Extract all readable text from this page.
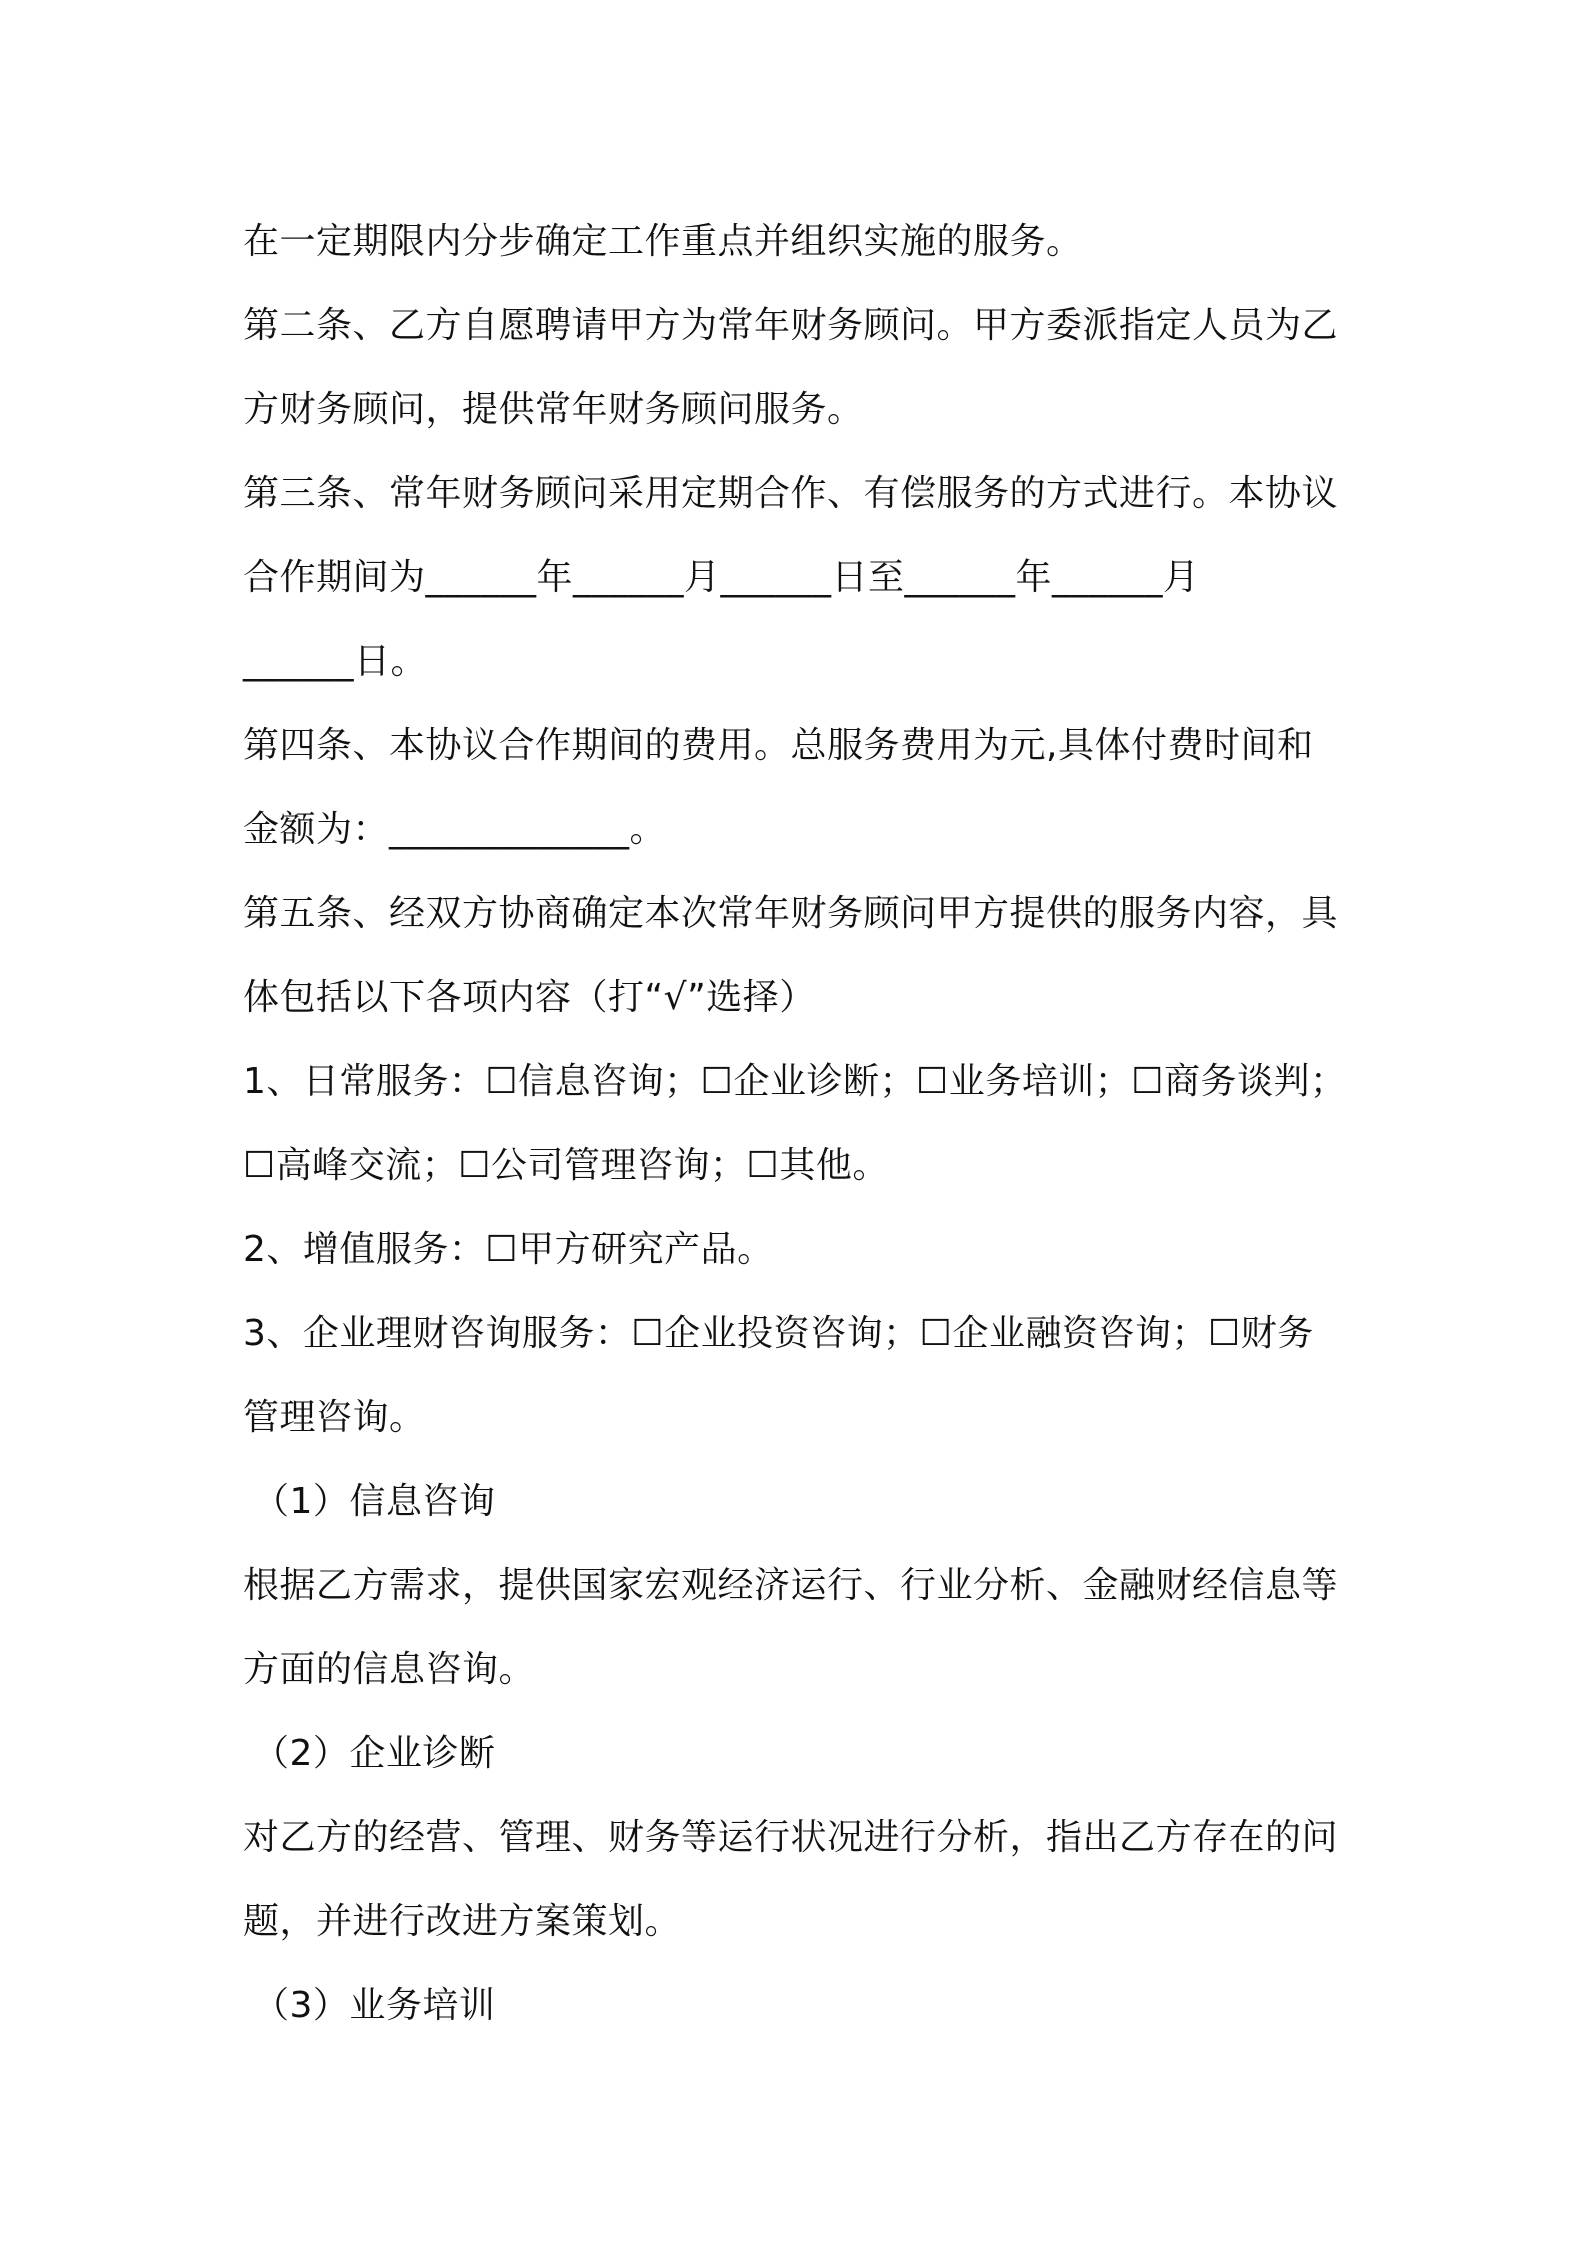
在一定期限内分步确定工作重点并组织实施的服务。
第二条、乙方自愿聘请甲方为常年财务顾问。甲方委派指定人员为乙
方财务顾问，提供常年财务顾问服务。
第三条、常年财务顾问采用定期合作、有偿服务的方式进行。本协议
合作期间为______年______月______日至______年______月
______日。
第四条、本协议合作期间的费用。总服务费用为元,具体付费时间和
金额为：_____________。
第五条、经双方协商确定本次常年财务顾问甲方提供的服务内容，具
体包括以下各项内容（打“√”选择）
1、日常服务：☐信息咨询；☐企业诊断；☐业务培训；☐商务谈判；
☐高峰交流；☐公司管理咨询；☐其他。
2、增值服务：☐甲方研究产品。
3、企业理财咨询服务：☐企业投资咨询；☐企业融资咨询；☐财务
管理咨询。
（1）信息咨询
根据乙方需求，提供国家宏观经济运行、行业分析、金融财经信息等
方面的信息咨询。
（2）企业诊断
对乙方的经营、管理、财务等运行状况进行分析，指出乙方存在的问
题，并进行改进方案策划。
（3）业务培训
